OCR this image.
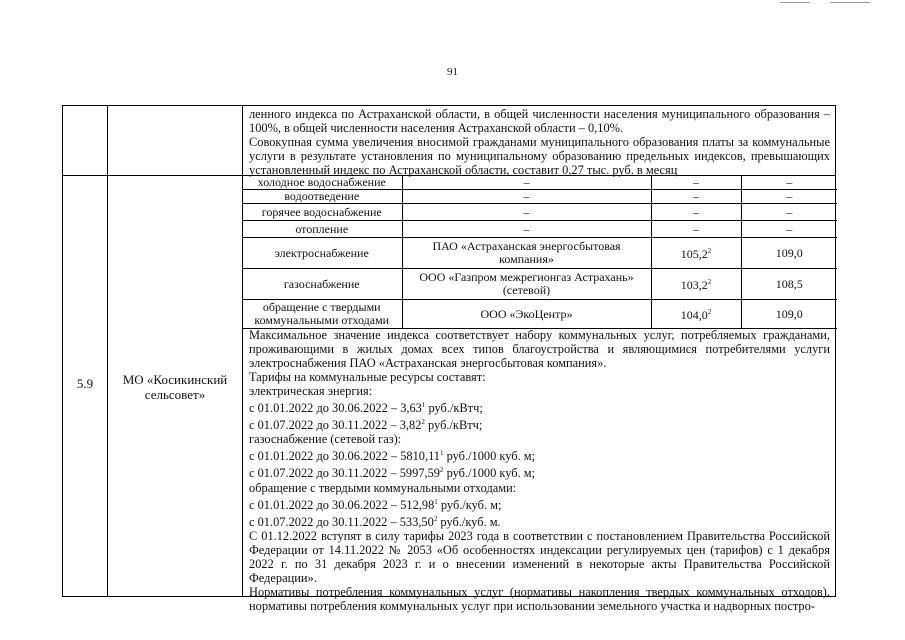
91

ленного индекса по Астраханской области, в общей численности населения муниципального образования – 100%, в общей численности населения Астраханской области – 0,10%.

Совокупная сумма увеличения вносимой гражданами муниципального образования платы за коммунальные услуги в результате установления по муниципальному образованию предельных индексов, превышающих установленный индекс по Астраханской области, составит 0,27 тыс. руб. в месяц

5.9	МО «Косикинский сельсовет»
холодное водоснабжение	–	–	–
водоотведение	–	–	–
горячее водоснабжение	–	–	–
отопление	–	–	–
электроснабжение	ПАО «Астраханская энергосбытовая компания»	105,2$^2$	109,0
газоснабжение	ООО «Газпром межрегионгаз Астрахань» (сетевой)	103,2$^2$	108,5
обращение с твердыми коммунальными отходами	ООО «ЭкоЦентр»	104,0$^2$	109,0

Максимальное значение индекса соответствует набору коммунальных услуг, потребляемых гражданами, проживающими в жилых домах всех типов благоустройства и являющимися потребителями услуги электроснабжения ПАО «Астраханская энергосбытовая компания».

Тарифы на коммунальные ресурсы составят:

электрическая энергия:

с 01.01.2022 до 30.06.2022 – 3,63$^1$ руб./кВтч;

с 01.07.2022 до 30.11.2022 – 3,82$^2$ руб./кВтч;

газоснабжение (сетевой газ):

с 01.01.2022 до 30.06.2022 – 5810,11$^1$ руб./1000 куб. м;

с 01.07.2022 до 30.11.2022 – 5997,59$^2$ руб./1000 куб. м;

обращение с твердыми коммунальными отходами:

с 01.01.2022 до 30.06.2022 – 512,98$^1$ руб./куб. м;

с 01.07.2022 до 30.11.2022 – 533,50$^2$ руб./куб. м.

С 01.12.2022 вступят в силу тарифы 2023 года в соответствии с постановлением Правительства Российской Федерации от 14.11.2022 № 2053 «Об особенностях индексации регулируемых цен (тарифов) с 1 декабря 2022 г. по 31 декабря 2023 г. и о внесении изменений в некоторые акты Правительства Российской Федерации».

Нормативы потребления коммунальных услуг (нормативы накопления твердых коммунальных отходов), нормативы потребления коммунальных услуг при использовании земельного участка и надворных постро-
